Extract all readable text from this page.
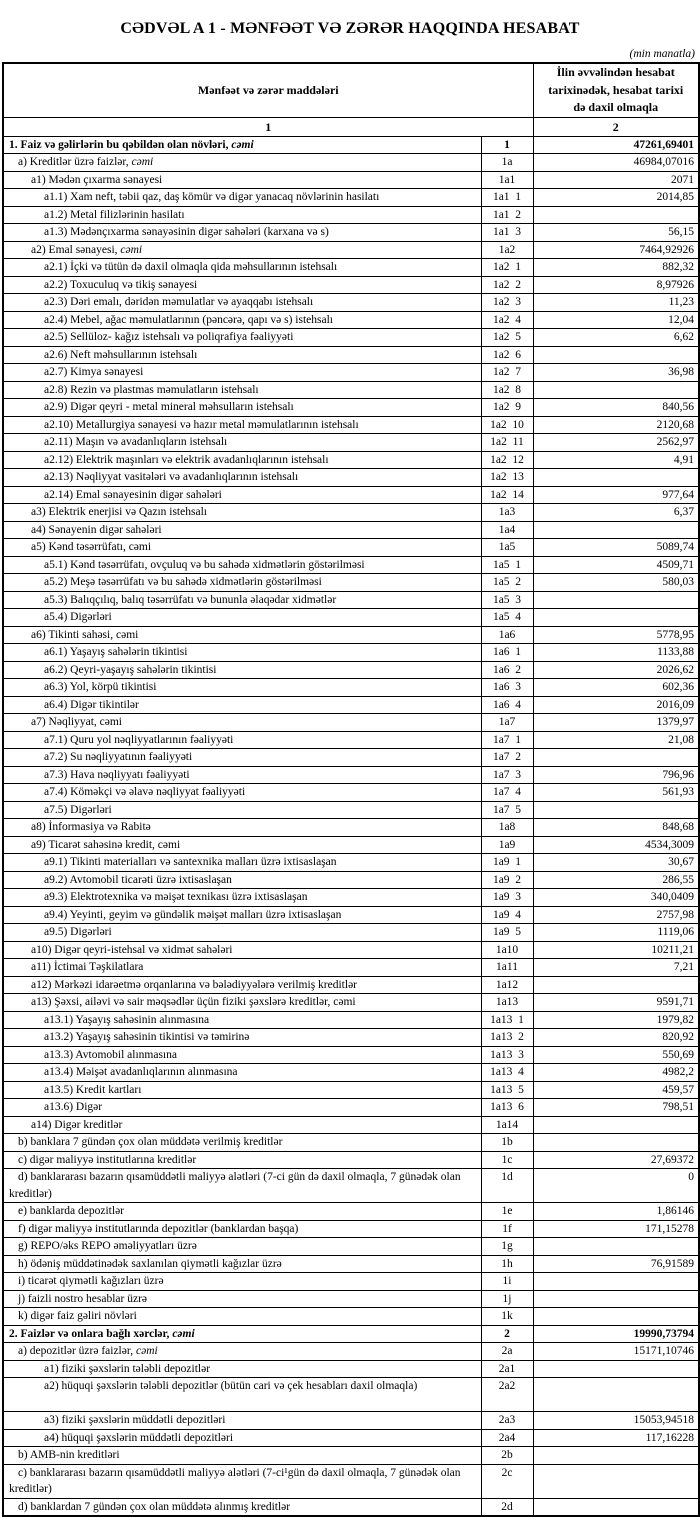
CƏDVƏL A 1 - MƏNFƏƏT VƏ ZƏRƏR HAQQINDA HESABAT
(min manatla)
Mənfəət və zərər maddələri		İlin əvvəlindən hesabat tarixinədək, hesabat tarixi də daxil olmaqla
1		2
1. Faiz və gəlirlərin bu qəbildən olan növləri, cəmi	1	47261,69401
a) Kreditlər üzrə faizlər, cəmi	1a	46984,07016
a1) Mədən çıxarma sənayesi	1a1	2071
a1.1) Xam neft, təbii qaz, daş kömür və digər yanacaq növlərinin hasilatı	1a1  1	2014,85
a1.2) Metal filizlərinin hasilatı	1a1  2	
a1.3) Mədənçıxarma sənayəsinin digər sahələri (karxana və s)	1a1  3	56,15
a2) Emal sənayesi, cəmi	1a2	7464,92926
a2.1) İçki və tütün də daxil olmaqla qida məhsullarının istehsalı	1a2  1	882,32
a2.2) Toxuculuq və tikiş sənayesi	1a2  2	8,97926
a2.3) Dəri emalı, dəridən məmulatlar və ayaqqabı istehsalı	1a2  3	11,23
a2.4) Mebel, ağac məmulatlarının (pəncərə, qapı və s) istehsalı	1a2  4	12,04
a2.5) Sellüloz- kağız istehsalı və poliqrafiya fəaliyyəti	1a2  5	6,62
a2.6) Neft məhsullarının istehsalı	1a2  6	
a2.7) Kimya sənayesi	1a2  7	36,98
a2.8) Rezin və plastmas məmulatların istehsalı	1a2  8	
a2.9) Digər qeyri - metal mineral məhsulların istehsalı	1a2  9	840,56
a2.10) Metallurgiya sənayesi və hazır metal məmulatlarının istehsalı	1a2  10	2120,68
a2.11) Maşın və avadanlıqların istehsalı	1a2  11	2562,97
a2.12) Elektrik maşınları və elektrik avadanlıqlarının istehsalı	1a2  12	4,91
a2.13) Nəqliyyat vasitələri və avadanlıqlarının istehsalı	1a2  13	
a2.14) Emal sənayesinin digər sahələri	1a2  14	977,64
a3) Elektrik enerjisi və Qazın istehsalı	1a3	6,37
a4) Sənayenin digər sahələri	1a4	
a5) Kənd təsərrüfatı, cəmi	1a5	5089,74
a5.1) Kənd təsərrüfatı, ovçuluq və bu sahədə xidmətlərin göstərilməsi	1a5  1	4509,71
a5.2) Meşə təsərrüfatı və bu sahədə xidmətlərin göstərilməsi	1a5  2	580,03
a5.3) Balıqçılıq, balıq təsərrüfatı və bununla əlaqədar xidmətlər	1a5  3	
a5.4) Digərləri	1a5  4	
a6) Tikinti sahəsi, cəmi	1a6	5778,95
a6.1) Yaşayış sahələrin tikintisi	1a6  1	1133,88
a6.2) Qeyri-yaşayış sahələrin tikintisi	1a6  2	2026,62
a6.3) Yol, körpü tikintisi	1a6  3	602,36
a6.4) Digər tikintilər	1a6  4	2016,09
a7) Nəqliyyat, cəmi	1a7	1379,97
a7.1) Quru yol nəqliyyatlarının fəaliyyəti	1a7  1	21,08
a7.2) Su nəqliyyatının fəaliyyəti	1a7  2	
a7.3) Hava nəqliyyatı fəaliyyəti	1a7  3	796,96
a7.4) Köməkçi və əlavə nəqliyyat fəaliyyəti	1a7  4	561,93
a7.5) Digərləri	1a7  5	
a8) İnformasiya və Rabitə	1a8	848,68
a9) Ticarət sahəsinə kredit, cəmi	1a9	4534,3009
a9.1) Tikinti materialları və santexnika malları üzrə ixtisaslaşan	1a9  1	30,67
a9.2) Avtomobil ticarəti üzrə ixtisaslaşan	1a9  2	286,55
a9.3) Elektrotexnika və məişət texnikası üzrə ixtisaslaşan	1a9  3	340,0409
a9.4) Yeyinti, geyim və gündəlik məişət malları üzrə ixtisaslaşan	1a9  4	2757,98
a9.5) Digərləri	1a9  5	1119,06
a10) Digər qeyri-istehsal və xidmət sahələri	1a10	10211,21
a11) İctimai Təşkilatlara	1a11	7,21
a12) Mərkəzi idarəetmə orqanlarına və bələdiyyələrə verilmiş kreditlər	1a12	
a13) Şəxsi, ailəvi və sair məqsədlər üçün fiziki şəxslərə kreditlər, cəmi	1a13	9591,71
a13.1) Yaşayış sahəsinin alınmasına	1a13  1	1979,82
a13.2) Yaşayış sahəsinin tikintisi və təmirinə	1a13  2	820,92
a13.3) Avtomobil alınmasına	1a13  3	550,69
a13.4) Məişət avadanlıqlarının alınmasına	1a13  4	4982,2
a13.5) Kredit kartları	1a13  5	459,57
a13.6) Digər	1a13  6	798,51
a14) Digər kreditlər	1a14	
b) banklara 7 gündən çox olan müddətə verilmiş kreditlər	1b	
c) digər maliyyə institutlarına kreditlər	1c	27,69372
d) banklararası bazarın qısamüddətli maliyyə alətləri (7-ci gün də daxil olmaqla, 7 günədək olan kreditlər)	1d	0
e) banklarda depozitlər	1e	1,86146
f) digər maliyyə institutlarında depozitlər (banklardan başqa)	1f	171,15278
g) REPO/əks REPO əməliyyatları üzrə	1g	
h) ödəniş müddətinədək saxlanılan qiymətli kağızlar üzrə	1h	76,91589
i) ticarət qiymətli kağızları üzrə	1i	
j) faizli nostro hesablar üzrə	1j	
k) digər faiz gəliri növləri	1k	
2. Faizlər və onlara bağlı xərclər, cəmi	2	19990,73794
a) depozitlər üzrə faizlər, cəmi	2a	15171,10746
a1) fiziki şəxslərin tələbli depozitlər	2a1	
a2) hüquqi şəxslərin tələbli depozitlər (bütün cari və çek hesabları daxil olmaqla)	2a2	
a3) fiziki şəxslərin müddətli depozitləri	2a3	15053,94518
a4) hüquqi şəxslərin müddətli depozitləri	2a4	117,16228
b) AMB-nin kreditləri	2b	
c) banklararası bazarın qısamüddətli maliyyə alətləri (7-ci¹gün də daxil olmaqla, 7 günədək olan kreditlər)	2c	
d) banklardan 7 gündən çox olan müddətə alınmış kreditlər	2d	
